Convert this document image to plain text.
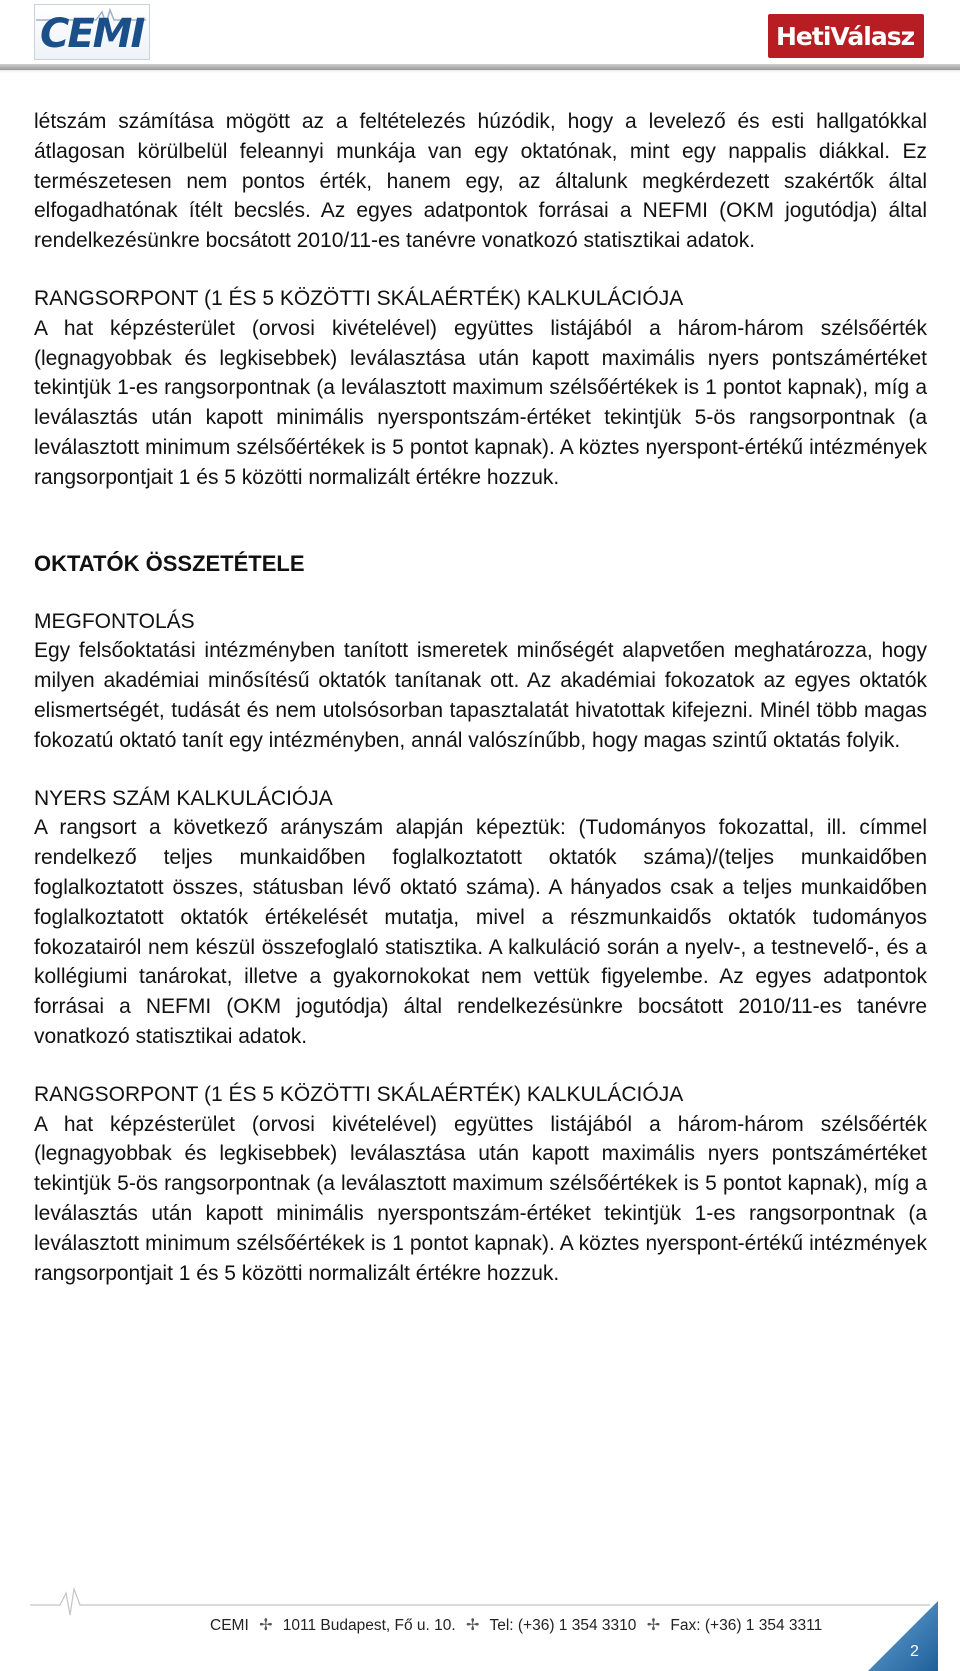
CEMI	HetiVálasz

létszám számítása mögött az a feltételezés húzódik, hogy a levelező és esti hallgatókkal átlagosan körülbelül feleannyi munkája van egy oktatónak, mint egy nappalis diákkal. Ez természetesen nem pontos érték, hanem egy, az általunk megkérdezett szakértők által elfogadhatónak ítélt becslés. Az egyes adatpontok forrásai a NEFMI (OKM jogutódja) által rendelkezésünkre bocsátott 2010/11-es tanévre vonatkozó statisztikai adatok.

RANGSORPONT (1 ÉS 5 KÖZÖTTI SKÁLAÉRTÉK) KALKULÁCIÓJA

A hat képzésterület (orvosi kivételével) együttes listájából a három-három szélsőérték (legnagyobbak és legkisebbek) leválasztása után kapott maximális nyers pontszámértéket tekintjük 1-es rangsorpontnak (a leválasztott maximum szélsőértékek is 1 pontot kapnak), míg a leválasztás után kapott minimális nyerspontszám-értéket tekintjük 5-ös rangsorpontnak (a leválasztott minimum szélsőértékek is 5 pontot kapnak). A köztes nyerspont-értékű intézmények rangsorpontjait 1 és 5 közötti normalizált értékre hozzuk.

OKTATÓK ÖSSZETÉTELE

MEGFONTOLÁS

Egy felsőoktatási intézményben tanított ismeretek minőségét alapvetően meghatározza, hogy milyen akadémiai minősítésű oktatók tanítanak ott. Az akadémiai fokozatok az egyes oktatók elismertségét, tudását és nem utolsósorban tapasztalatát hivatottak kifejezni. Minél több magas fokozatú oktató tanít egy intézményben, annál valószínűbb, hogy magas szintű oktatás folyik.

NYERS SZÁM KALKULÁCIÓJA

A rangsort a következő arányszám alapján képeztük: (Tudományos fokozattal, ill. címmel rendelkező teljes munkaidőben foglalkoztatott oktatók száma)/(teljes munkaidőben foglalkoztatott összes, státusban lévő oktató száma). A hányados csak a teljes munkaidőben foglalkoztatott oktatók értékelését mutatja, mivel a részmunkaidős oktatók tudományos fokozatairól nem készül összefoglaló statisztika. A kalkuláció során a nyelv-, a testnevelő-, és a kollégiumi tanárokat, illetve a gyakornokokat nem vettük figyelembe. Az egyes adatpontok forrásai a NEFMI (OKM jogutódja) által rendelkezésünkre bocsátott 2010/11-es tanévre vonatkozó statisztikai adatok.

RANGSORPONT (1 ÉS 5 KÖZÖTTI SKÁLAÉRTÉK) KALKULÁCIÓJA

A hat képzésterület (orvosi kivételével) együttes listájából a három-három szélsőérték (legnagyobbak és legkisebbek) leválasztása után kapott maximális nyers pontszámértéket tekintjük 5-ös rangsorpontnak (a leválasztott maximum szélsőértékek is 5 pontot kapnak), míg a leválasztás után kapott minimális nyerspontszám-értéket tekintjük 1-es rangsorpontnak (a leválasztott minimum szélsőértékek is 1 pontot kapnak). A köztes nyerspont-értékű intézmények rangsorpontjait 1 és 5 közötti normalizált értékre hozzuk.

CEMI ✢ 1011 Budapest, Fő u. 10. ✢ Tel: (+36) 1 354 3310 ✢ Fax: (+36) 1 354 3311
2
